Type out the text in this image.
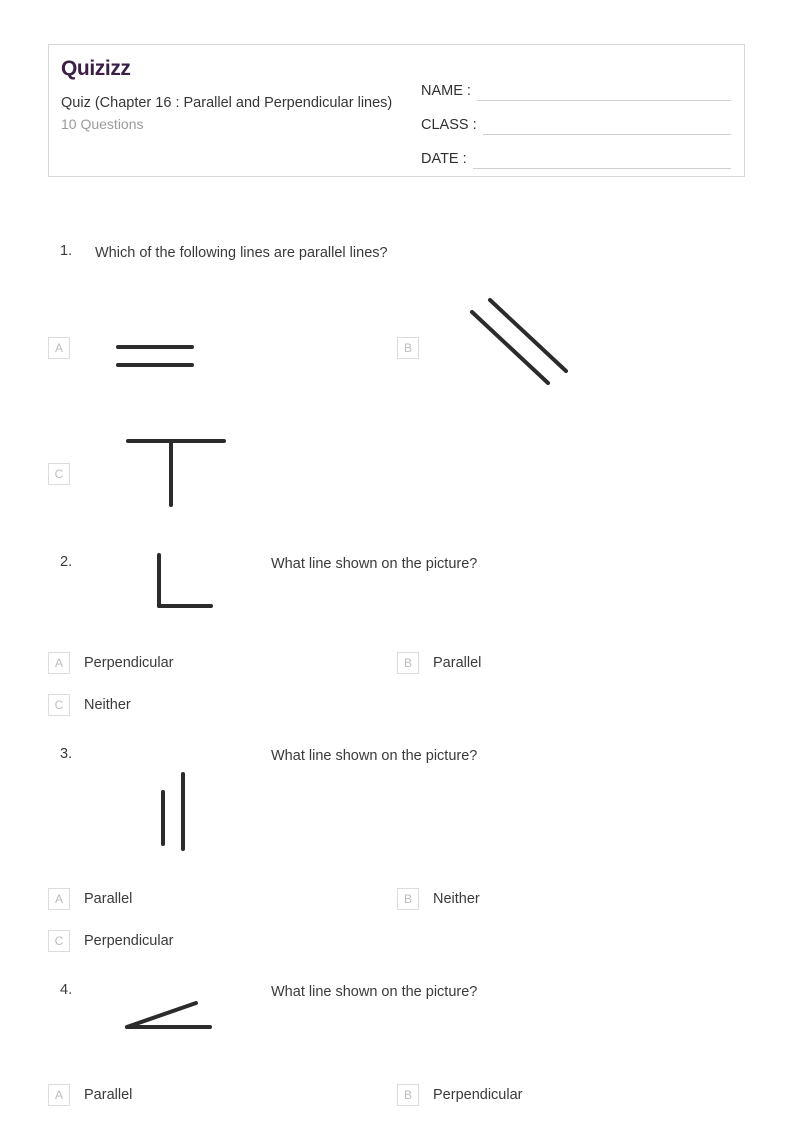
Quizizz
Quiz (Chapter 16 : Parallel and Perpendicular lines)
10 Questions
NAME :
CLASS :
DATE :
1. Which of the following lines are parallel lines?
A	B
C
2.	What line shown on the picture?
A	Perpendicular	B	Parallel
C	Neither
3.	What line shown on the picture?
A	Parallel	B	Neither
C	Perpendicular
4.	What line shown on the picture?
A	Parallel	B	Perpendicular
